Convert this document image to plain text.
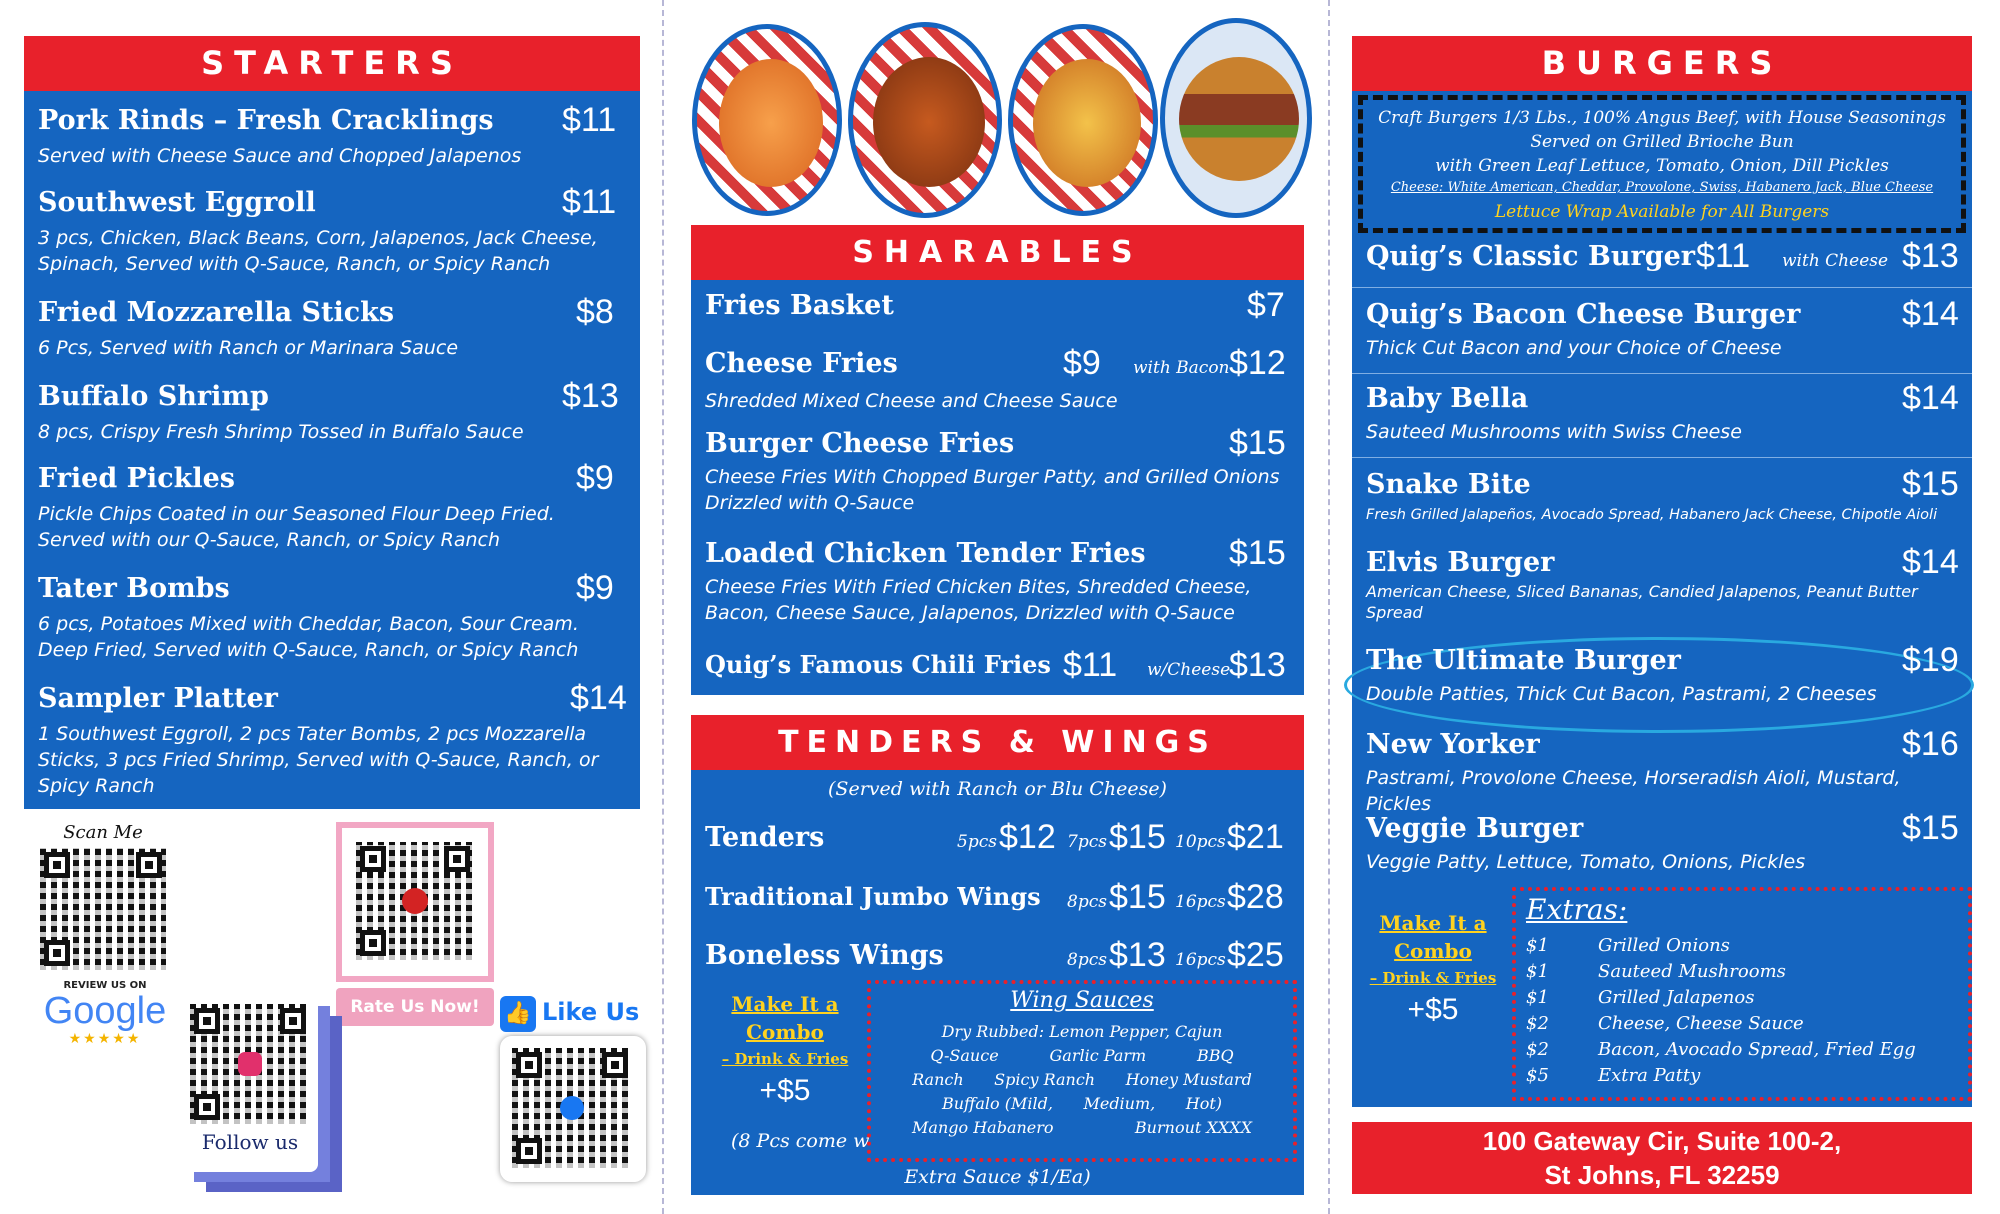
STARTERS
Pork Rinds – Fresh Cracklings $11
Served with Cheese Sauce and Chopped Jalapenos
Southwest Eggroll	$11
3 pcs, Chicken, Black Beans, Corn, Jalapenos, Jack Cheese, Spinach, Served with Q-Sauce, Ranch, or Spicy Ranch
Fried Mozzarella Sticks	$8
6 Pcs, Served with Ranch or Marinara Sauce
Buffalo Shrimp	$13
8 pcs, Crispy Fresh Shrimp Tossed in Buffalo Sauce
Fried Pickles	$9
Pickle Chips Coated in our Seasoned Flour Deep Fried. Served with our Q-Sauce, Ranch, or Spicy Ranch
Tater Bombs	$9
6 pcs, Potatoes Mixed with Cheddar, Bacon, Sour Cream. Deep Fried, Served with Q-Sauce, Ranch, or Spicy Ranch
Sampler Platter	$14
1 Southwest Eggroll, 2 pcs Tater Bombs, 2 pcs Mozzarella Sticks, 3 pcs Fried Shrimp, Served with Q-Sauce, Ranch, or Spicy Ranch
Scan Me
REVIEW US ON
Google
★★★★★
Rate Us Now!
Follow us
👍 Like Us
SHARABLES
Fries Basket	$7
Cheese Fries	$9 with Bacon $12
Shredded Mixed Cheese and Cheese Sauce
Burger Cheese Fries	$15
Cheese Fries With Chopped Burger Patty, and Grilled Onions Drizzled with Q-Sauce
Loaded Chicken Tender Fries $15
Cheese Fries With Fried Chicken Bites, Shredded Cheese, Bacon, Cheese Sauce, Jalapenos, Drizzled with Q-Sauce
Quig’s Famous Chili Fries $11 w/Cheese
$13
TENDERS & WINGS
(Served with Ranch or Blu Cheese)
Tenders	5pcs $12 7pcs $15 10pcs $21
Traditional Jumbo Wings 8pcs $15 16pcs $28
Boneless Wings	8pcs $13 16pcs $25
Make It a
Combo
– Drink & Fries
+$5
(8 Pcs come w
Wing Sauces
Dry Rubbed: Lemon Pepper, Cajun
Q-Sauce          Garlic Parm          BBQ
Ranch      Spicy Ranch      Honey Mustard
Buffalo (Mild,      Medium,      Hot)
Mango Habanero                Burnout XXXX
Extra Sauce $1/Ea)
BURGERS
Craft Burgers 1/3 Lbs., 100% Angus Beef, with House Seasonings
Served on Grilled Brioche Bun
with Green Leaf Lettuce, Tomato, Onion, Dill Pickles
Cheese: White American, Cheddar, Provolone, Swiss, Habanero Jack, Blue Cheese
Lettuce Wrap Available for All Burgers
Quig’s Classic Burger $11 with Cheese $13
Quig’s Bacon Cheese Burger	$14
Thick Cut Bacon and your Choice of Cheese
Baby Bella	$14
Sauteed Mushrooms with Swiss Cheese
Snake Bite	$15
Fresh Grilled Jalapeños, Avocado Spread, Habanero Jack Cheese, Chipotle Aioli
Elvis Burger	$14
American Cheese, Sliced Bananas, Candied Jalapenos, Peanut Butter Spread
The Ultimate Burger	$19
Double Patties, Thick Cut Bacon, Pastrami, 2 Cheeses
New Yorker	$16
Pastrami, Provolone Cheese, Horseradish Aioli, Mustard, Pickles
Veggie Burger	$15
Veggie Patty, Lettuce, Tomato, Onions, Pickles
Make It a
Combo
– Drink & Fries
+$5
Extras:
$1	Grilled Onions
$1	Sauteed Mushrooms
$1	Grilled Jalapenos
$2	Cheese, Cheese Sauce
$2	Bacon, Avocado Spread, Fried Egg
$5	Extra Patty
100 Gateway Cir, Suite 100-2,
St Johns, FL 32259
